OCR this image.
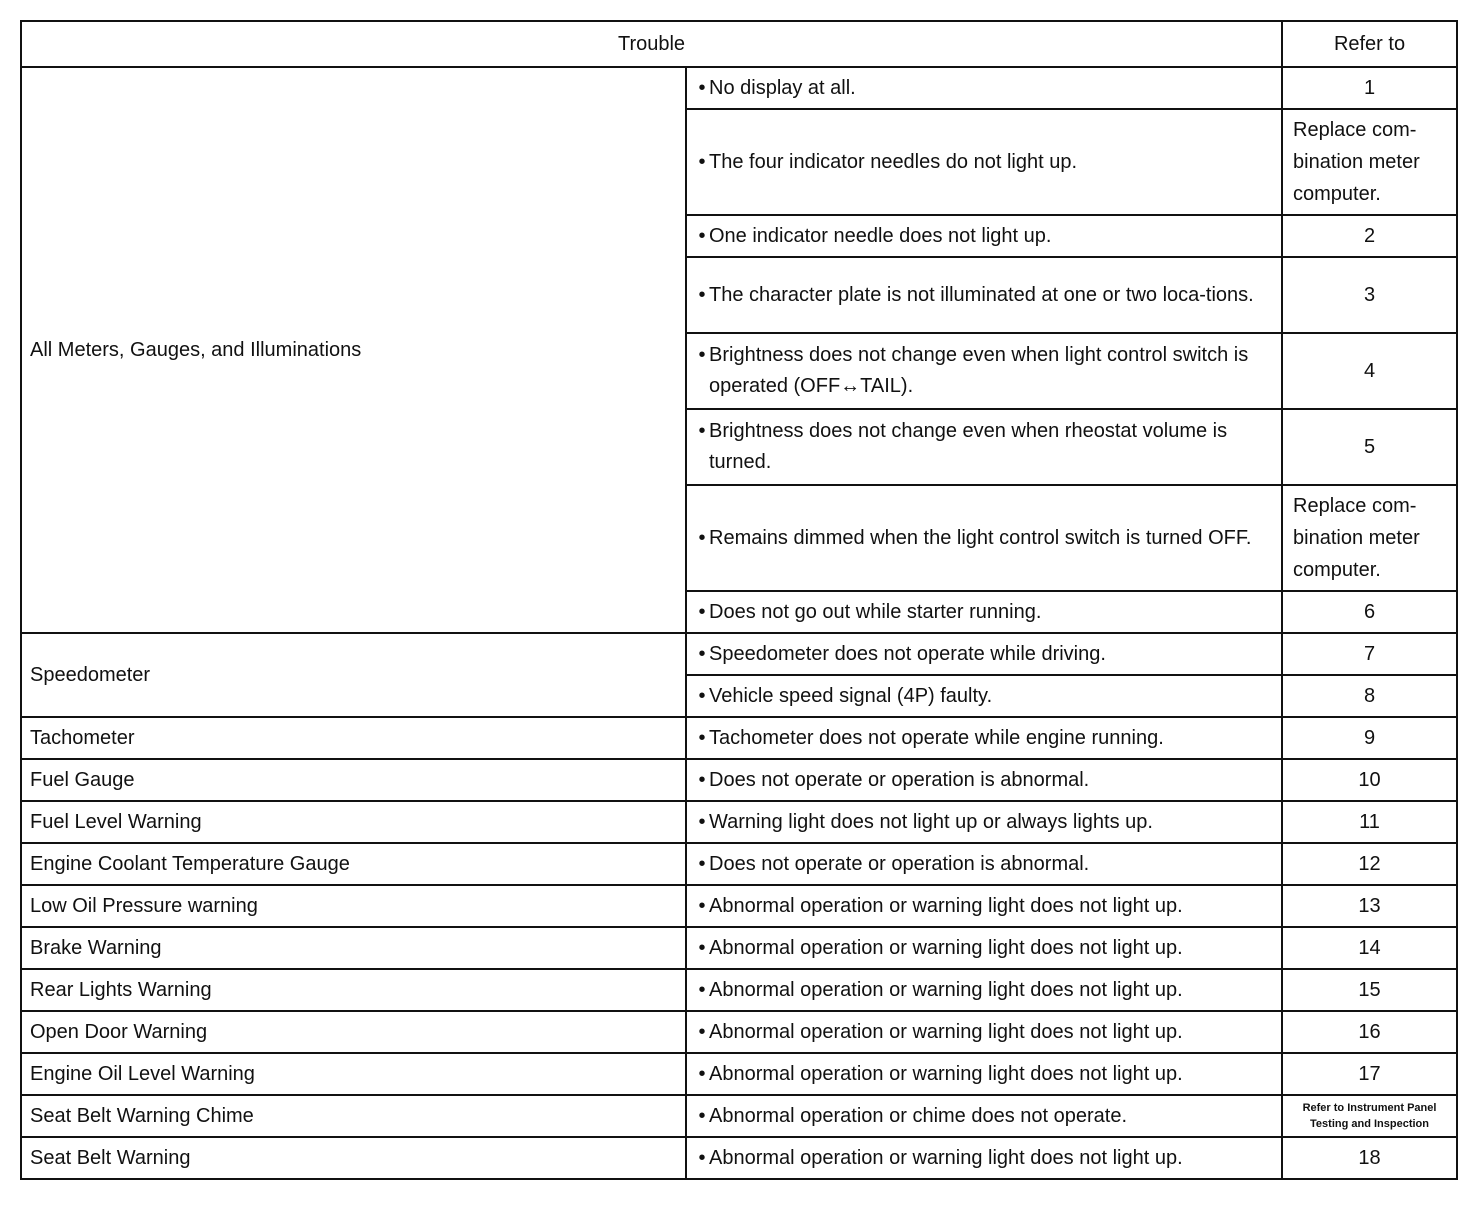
Trouble		Refer to
All Meters, Gauges, and Illuminations	• No display at all.	1

	• The four indicator needles do not light up.	Replace com-bination meter computer.

	• One indicator needle does not light up.	2

	• The character plate is not illuminated at one or two loca-tions.	3

	• Brightness does not change even when light control switch is operated (OFF↔TAIL).	4

	• Brightness does not change even when rheostat volume is turned.	5

	• Remains dimmed when the light control switch is turned OFF.	Replace com-bination meter computer.

	• Does not go out while starter running.	6
Speedometer	• Speedometer does not operate while driving.	7

	• Vehicle speed signal (4P) faulty.	8
Tachometer	• Tachometer does not operate while engine running.	9
Fuel Gauge	• Does not operate or operation is abnormal.	10
Fuel Level Warning	• Warning light does not light up or always lights up.	11
Engine Coolant Temperature Gauge	• Does not operate or operation is abnormal.	12
Low Oil Pressure warning	• Abnormal operation or warning light does not light up.	13
Brake Warning	• Abnormal operation or warning light does not light up.	14
Rear Lights Warning	• Abnormal operation or warning light does not light up.	15
Open Door Warning	• Abnormal operation or warning light does not light up.	16
Engine Oil Level Warning	• Abnormal operation or warning light does not light up.	17
Seat Belt Warning Chime	• Abnormal operation or chime does not operate.	Refer to Instrument Panel Testing and Inspection
Seat Belt Warning	• Abnormal operation or warning light does not light up.	18
